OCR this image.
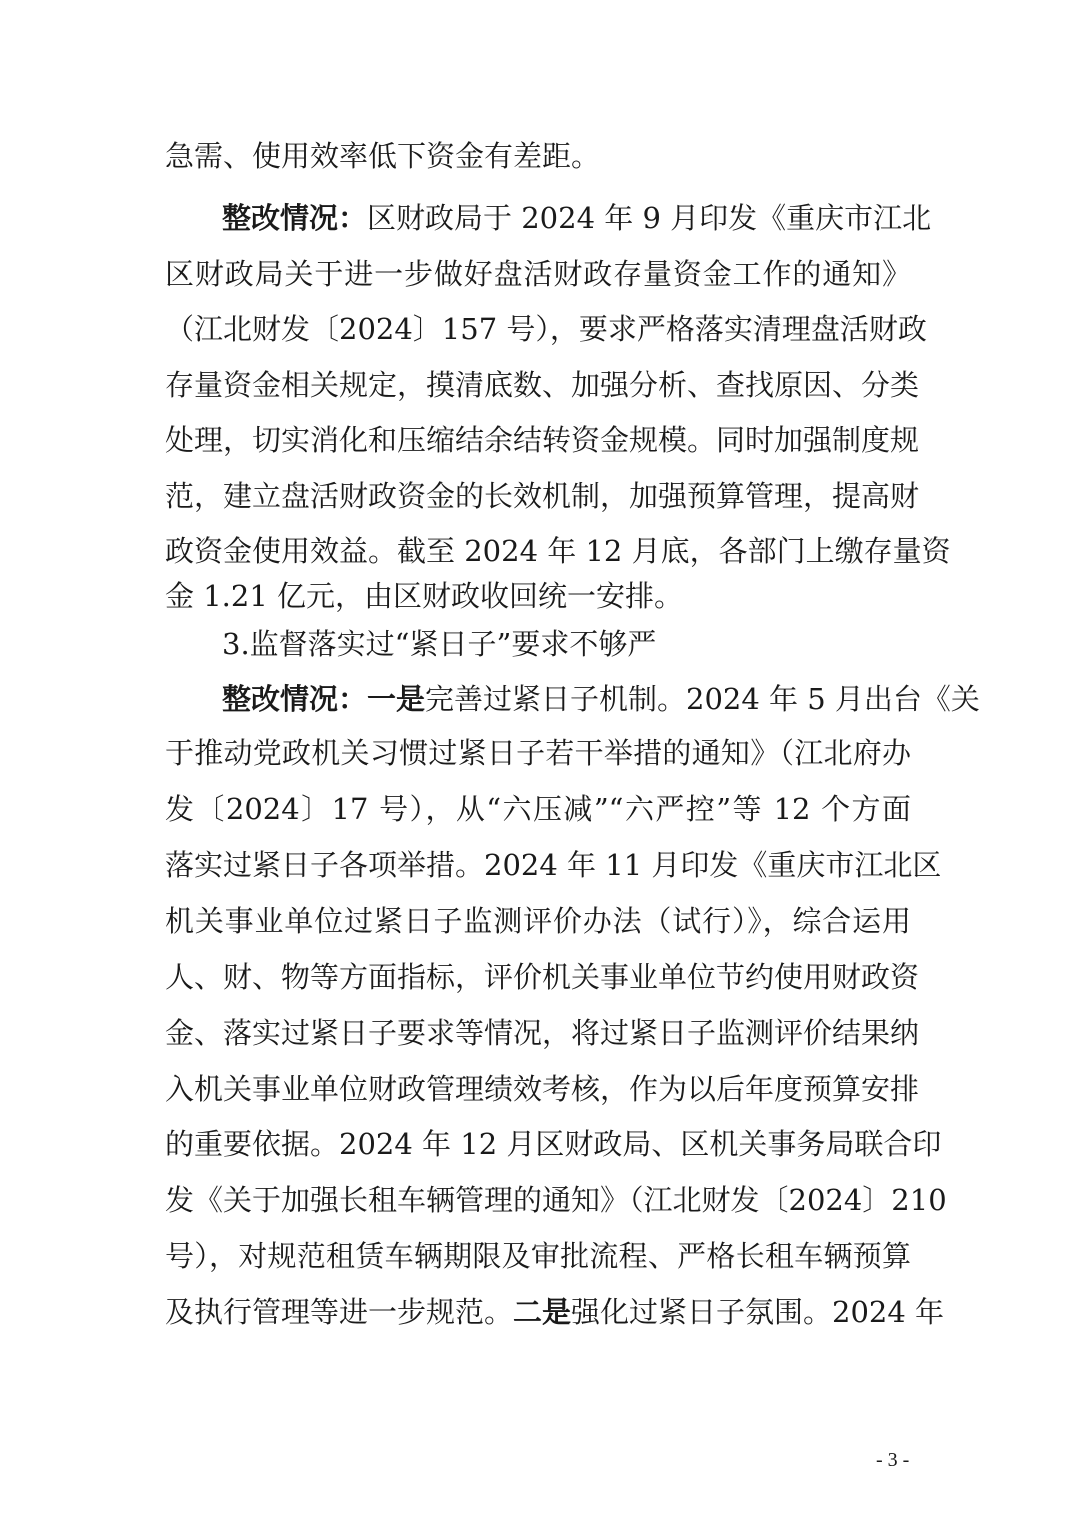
急需、使用效率低下资金有差距。
整改情况：区财政局于 2024 年 9 月印发《重庆市江北
区财政局关于进一步做好盘活财政存量资金工作的通知》
（江北财发〔2024〕157 号），要求严格落实清理盘活财政
存量资金相关规定，摸清底数、加强分析、查找原因、分类
处理，切实消化和压缩结余结转资金规模。同时加强制度规
范，建立盘活财政资金的长效机制，加强预算管理，提高财
政资金使用效益。截至 2024 年 12 月底，各部门上缴存量资
金 1.21 亿元，由区财政收回统一安排。
3.监督落实过“紧日子”要求不够严
整改情况：一是完善过紧日子机制。2024 年 5 月出台《关
于推动党政机关习惯过紧日子若干举措的通知》（江北府办
发〔2024〕17 号），从“六压减”“六严控”等 12 个方面
落实过紧日子各项举措。2024 年 11 月印发《重庆市江北区
机关事业单位过紧日子监测评价办法（试行）》，综合运用
人、财、物等方面指标，评价机关事业单位节约使用财政资
金、落实过紧日子要求等情况，将过紧日子监测评价结果纳
入机关事业单位财政管理绩效考核，作为以后年度预算安排
的重要依据。2024 年 12 月区财政局、区机关事务局联合印
发《关于加强长租车辆管理的通知》（江北财发〔2024〕210
号），对规范租赁车辆期限及审批流程、严格长租车辆预算
及执行管理等进一步规范。二是强化过紧日子氛围。2024 年
- 3 -
